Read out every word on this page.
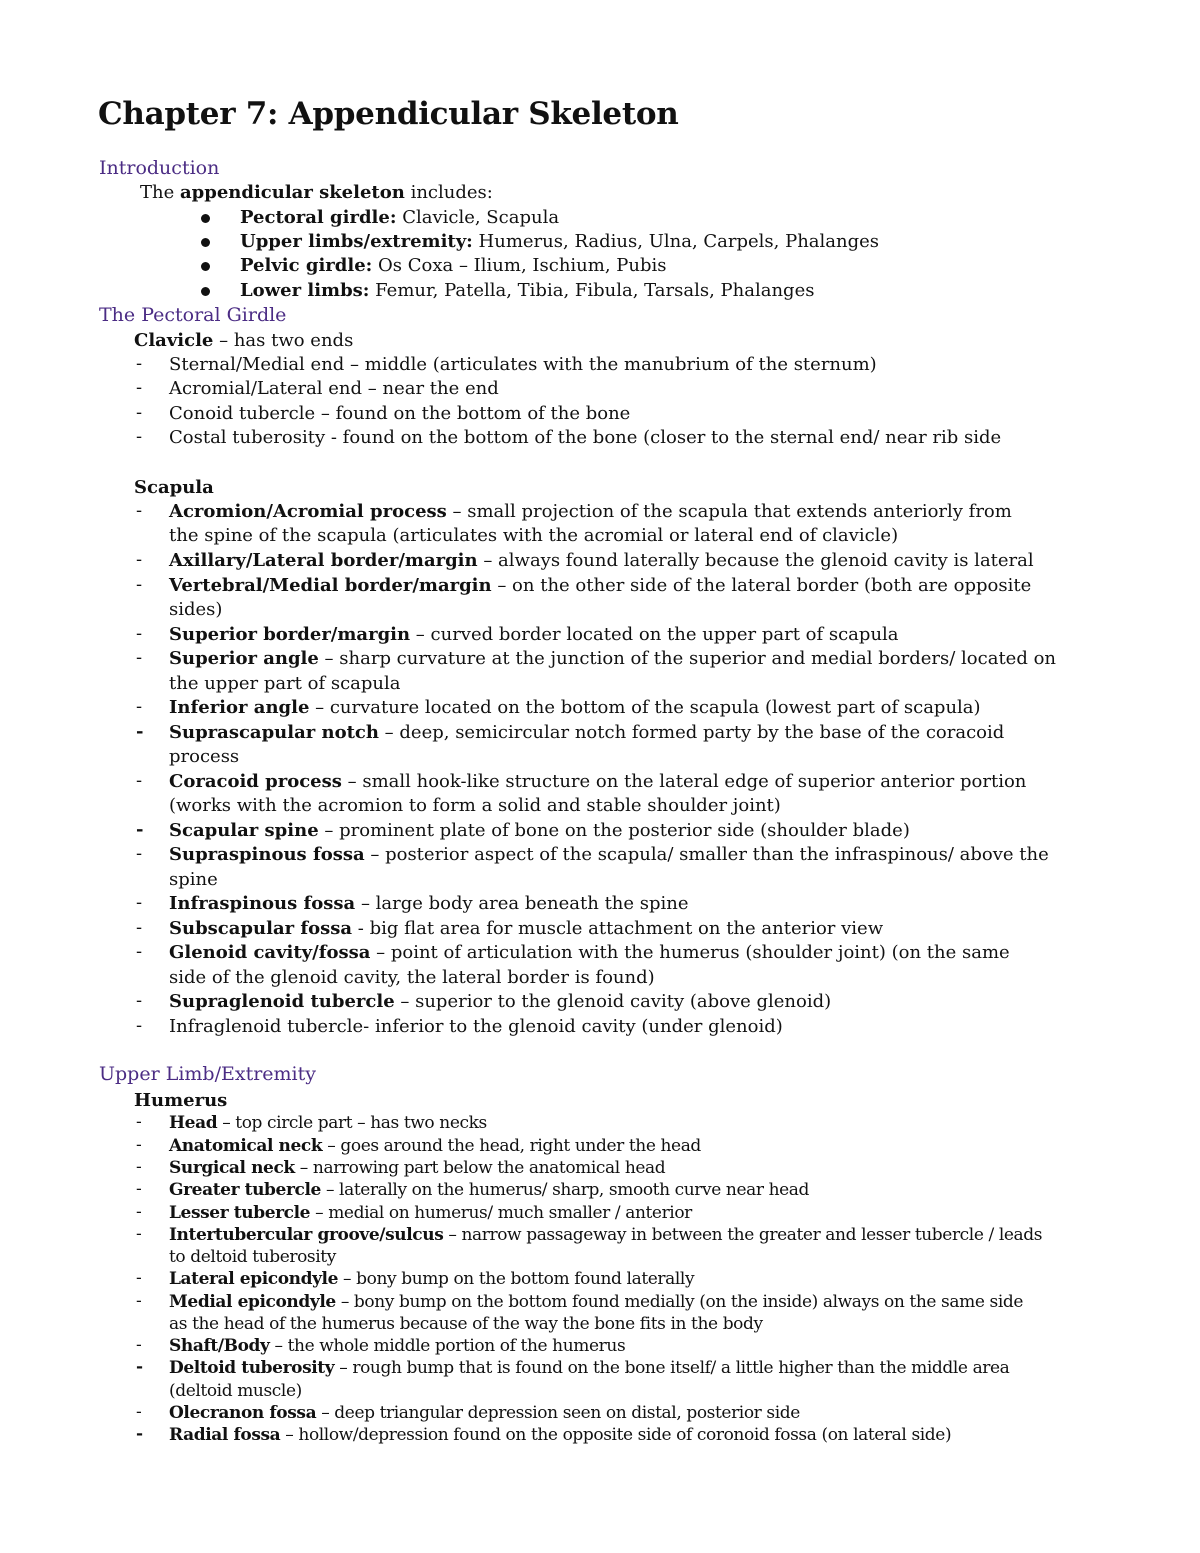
Chapter 7: Appendicular Skeleton
Introduction
The appendicular skeleton includes:
Pectoral girdle: Clavicle, Scapula
Upper limbs/extremity: Humerus, Radius, Ulna, Carpels, Phalanges
Pelvic girdle: Os Coxa – Ilium, Ischium, Pubis
Lower limbs: Femur, Patella, Tibia, Fibula, Tarsals, Phalanges
The Pectoral Girdle
Clavicle – has two ends
- Sternal/Medial end – middle (articulates with the manubrium of the sternum)
- Acromial/Lateral end – near the end
- Conoid tubercle – found on the bottom of the bone
- Costal tuberosity - found on the bottom of the bone (closer to the sternal end/ near rib side
Scapula
- Acromion/Acromial process – small projection of the scapula that extends anteriorly from
the spine of the scapula (articulates with the acromial or lateral end of clavicle)
- Axillary/Lateral border/margin – always found laterally because the glenoid cavity is lateral
- Vertebral/Medial border/margin – on the other side of the lateral border (both are opposite
sides)
- Superior border/margin – curved border located on the upper part of scapula
- Superior angle – sharp curvature at the junction of the superior and medial borders/ located on
the upper part of scapula
- Inferior angle – curvature located on the bottom of the scapula (lowest part of scapula)
- Suprascapular notch – deep, semicircular notch formed party by the base of the coracoid
process
- Coracoid process – small hook-like structure on the lateral edge of superior anterior portion
(works with the acromion to form a solid and stable shoulder joint)
- Scapular spine – prominent plate of bone on the posterior side (shoulder blade)
- Supraspinous fossa – posterior aspect of the scapula/ smaller than the infraspinous/ above the
spine
- Infraspinous fossa – large body area beneath the spine
- Subscapular fossa - big flat area for muscle attachment on the anterior view
- Glenoid cavity/fossa – point of articulation with the humerus (shoulder joint) (on the same
side of the glenoid cavity, the lateral border is found)
- Supraglenoid tubercle – superior to the glenoid cavity (above glenoid)
- Infraglenoid tubercle- inferior to the glenoid cavity (under glenoid)
Upper Limb/Extremity
Humerus
- Head – top circle part – has two necks
- Anatomical neck – goes around the head, right under the head
- Surgical neck – narrowing part below the anatomical head
- Greater tubercle – laterally on the humerus/ sharp, smooth curve near head
- Lesser tubercle – medial on humerus/ much smaller / anterior
- Intertubercular groove/sulcus – narrow passageway in between the greater and lesser tubercle / leads
to deltoid tuberosity
- Lateral epicondyle – bony bump on the bottom found laterally
- Medial epicondyle – bony bump on the bottom found medially (on the inside) always on the same side
as the head of the humerus because of the way the bone fits in the body
- Shaft/Body – the whole middle portion of the humerus
- Deltoid tuberosity – rough bump that is found on the bone itself/ a little higher than the middle area
(deltoid muscle)
- Olecranon fossa – deep triangular depression seen on distal, posterior side
- Radial fossa – hollow/depression found on the opposite side of coronoid fossa (on lateral side)
